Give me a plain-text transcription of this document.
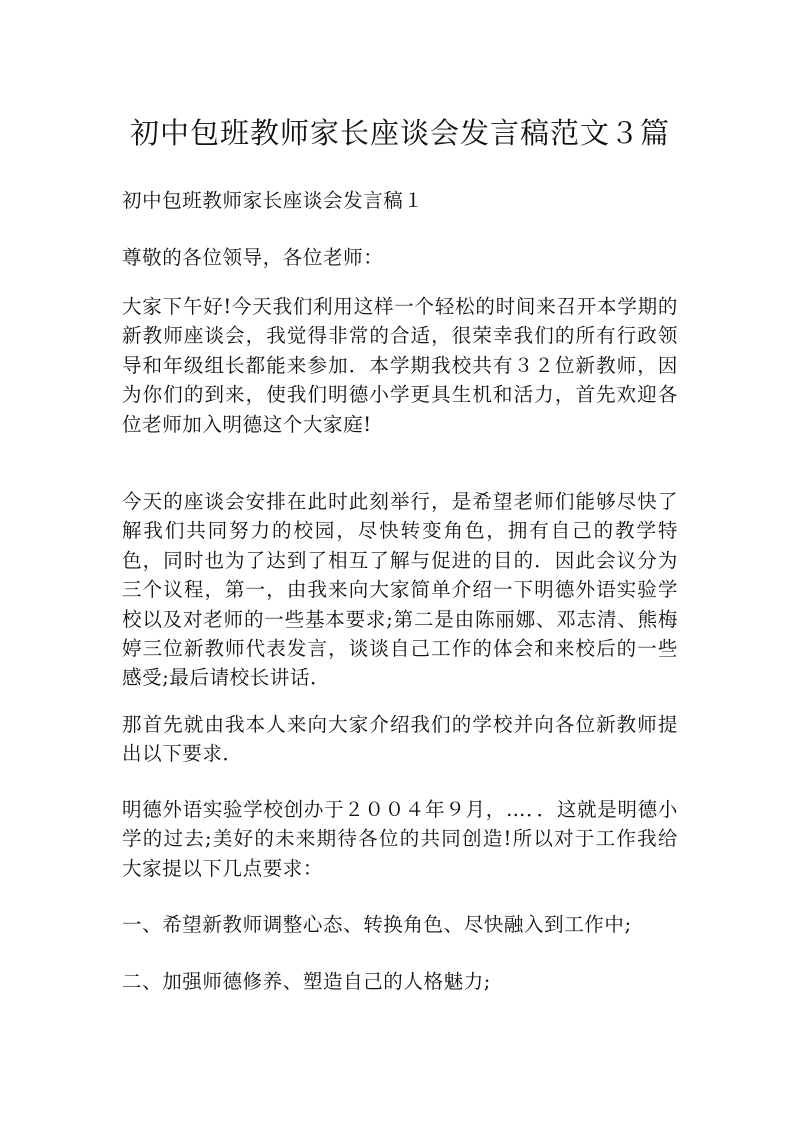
初中包班教师家长座谈会发言稿范文３篇
初中包班教师家长座谈会发言稿１
尊敬的各位领导，各位老师：
大家下午好!今天我们利用这样一个轻松的时间来召开本学期的新教师座谈会，我觉得非常的合适，很荣幸我们的所有行政领导和年级组长都能来参加．本学期我校共有３２位新教师，因为你们的到来，使我们明德小学更具生机和活力，首先欢迎各位老师加入明德这个大家庭!
今天的座谈会安排在此时此刻举行，是希望老师们能够尽快了解我们共同努力的校园，尽快转变角色，拥有自己的教学特色，同时也为了达到了相互了解与促进的目的．因此会议分为三个议程，第一，由我来向大家简单介绍一下明德外语实验学校以及对老师的一些基本要求;第二是由陈丽娜、邓志清、熊梅婷三位新教师代表发言，谈谈自己工作的体会和来校后的一些感受;最后请校长讲话．
那首先就由我本人来向大家介绍我们的学校并向各位新教师提出以下要求．
明德外语实验学校创办于２００４年９月，…．．这就是明德小学的过去;美好的未来期待各位的共同创造!所以对于工作我给大家提以下几点要求：
一、希望新教师调整心态、转换角色、尽快融入到工作中;
二、加强师德修养、塑造自己的人格魅力;
